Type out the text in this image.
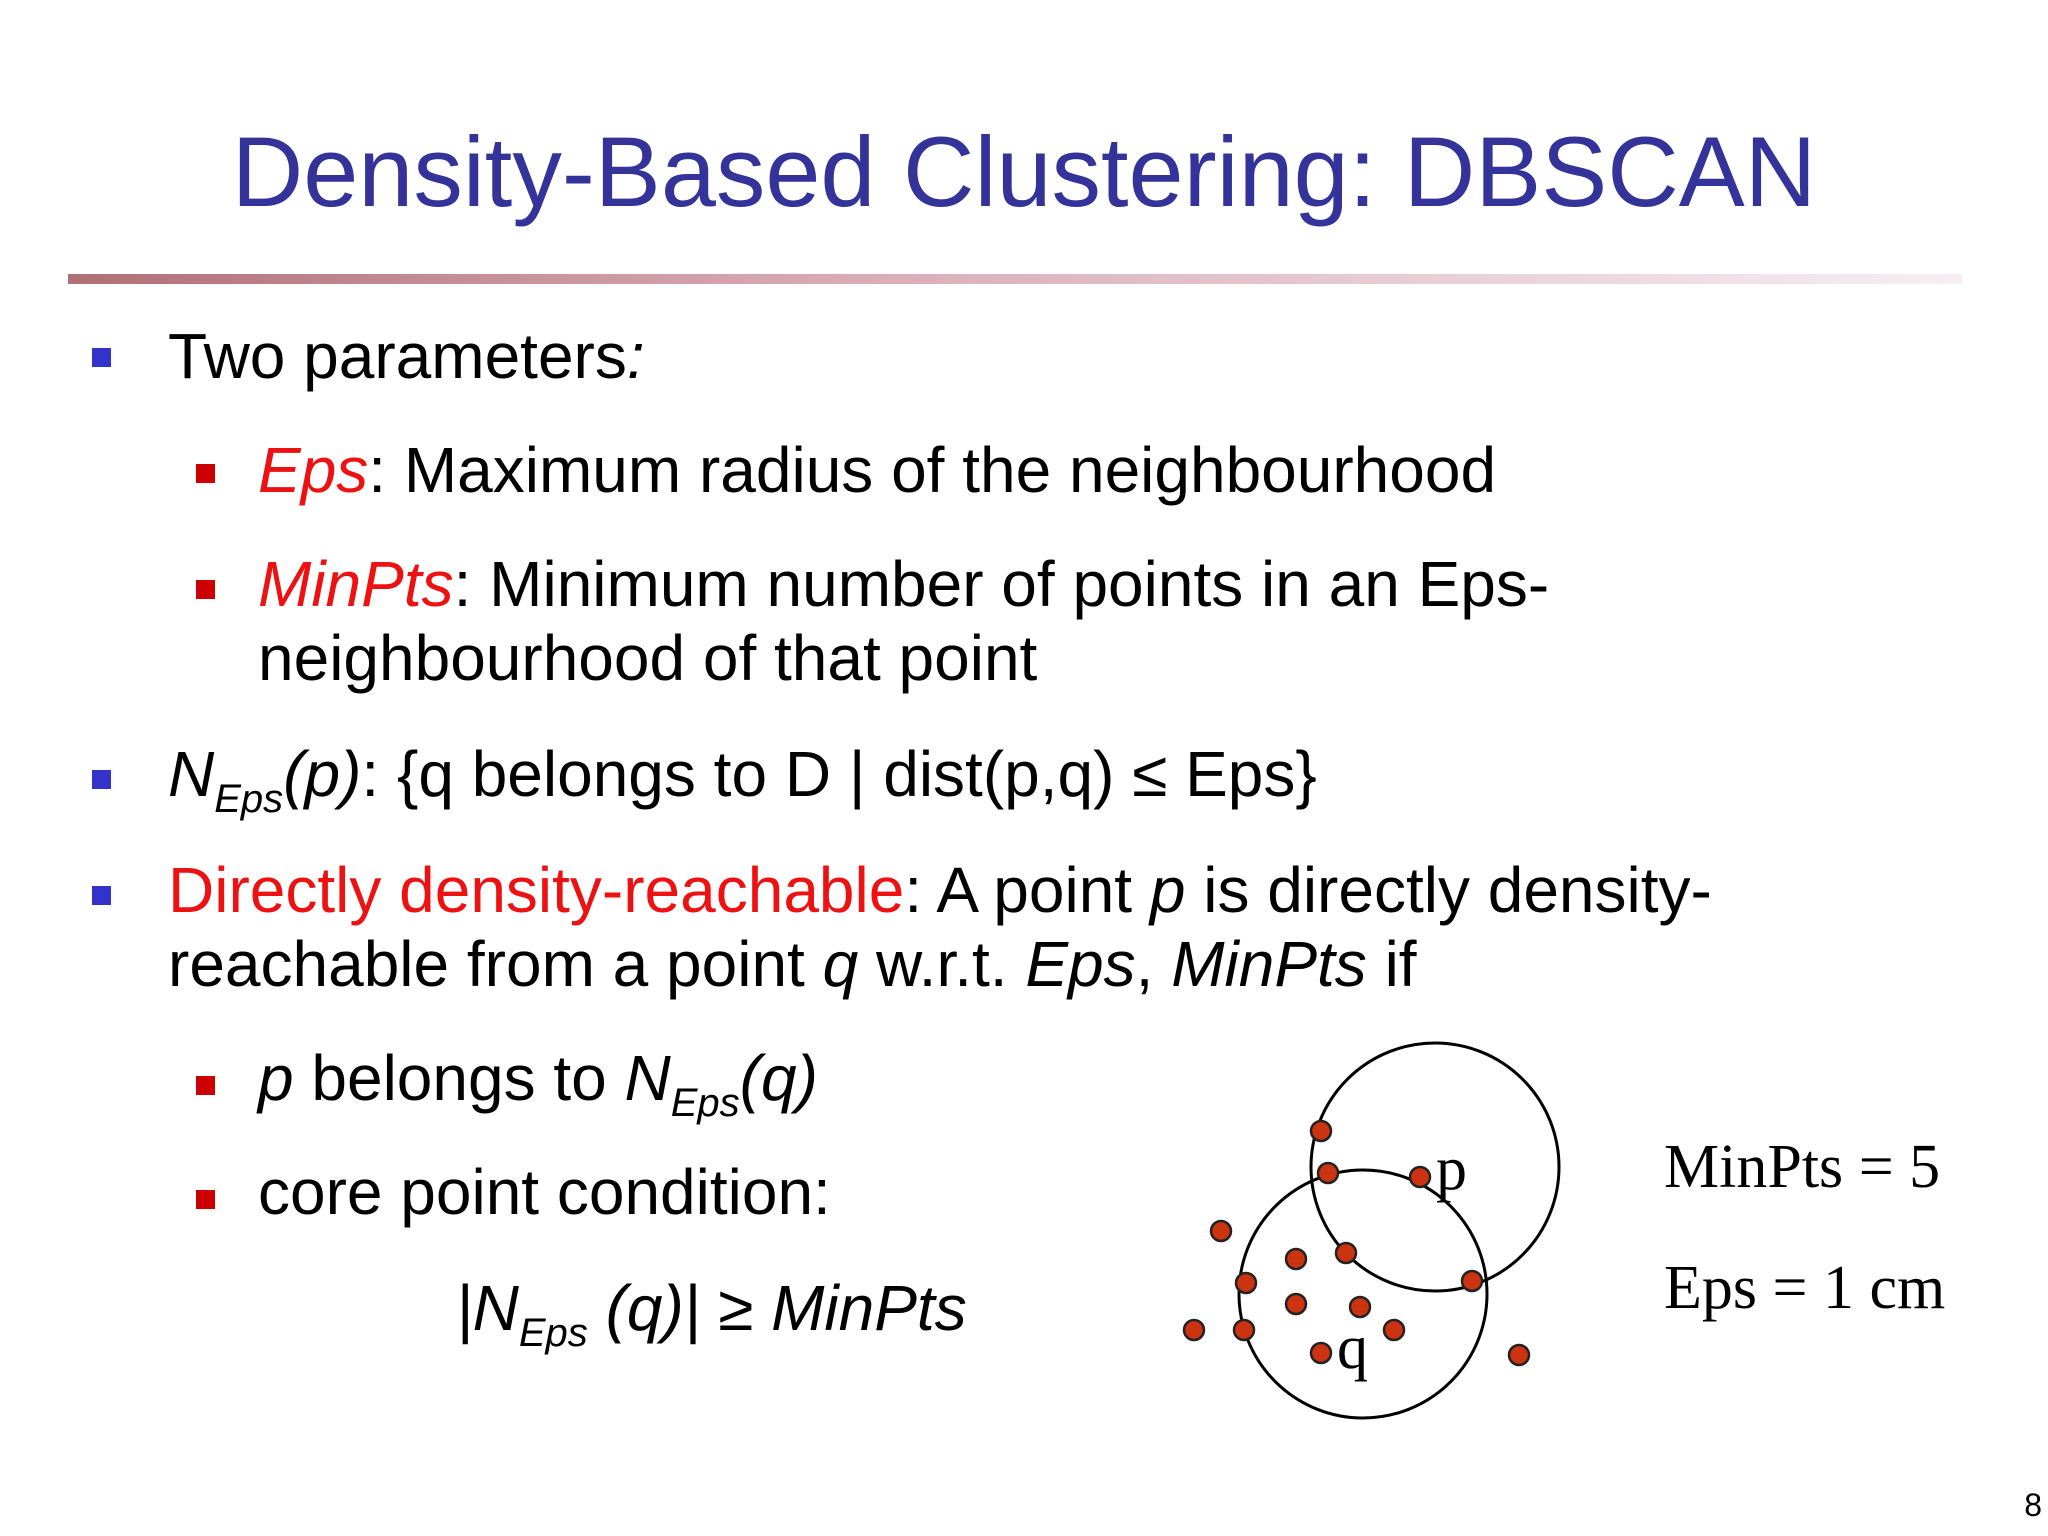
Density-Based Clustering: DBSCAN
Two parameters:
Eps: Maximum radius of the neighbourhood
MinPts: Minimum number of points in an Eps-
neighbourhood of that point
$N_{Eps}(p)$: {q belongs to D | dist(p,q) ≤ Eps}
Directly density-reachable: A point p is directly density-
reachable from a point q w.r.t. Eps, MinPts if
p belongs to $N_{Eps}(q)$
core point condition:
$|N_{Eps}$ (q)| ≥ MinPts
p
q
MinPts = 5
Eps = 1 cm
8
